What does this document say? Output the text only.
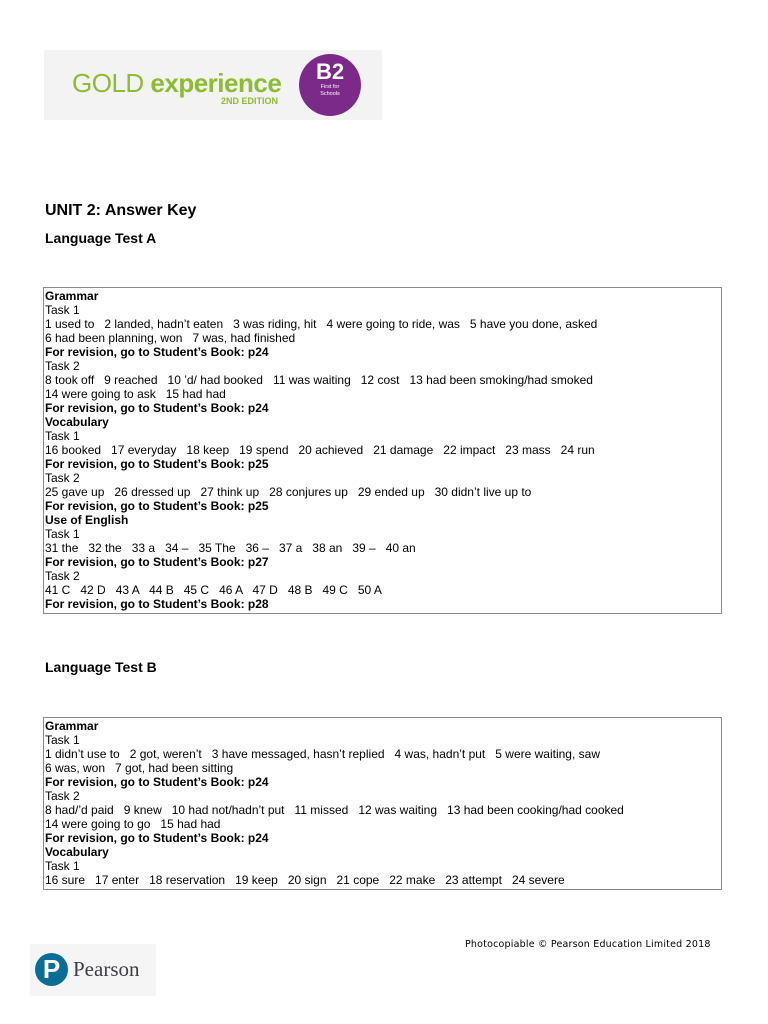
GOLD experience
2ND EDITION
B2
First for
Schools
UNIT 2: Answer Key
Language Test A

Grammar

Task 1

1 used to   2 landed, hadn’t eaten   3 was riding, hit   4 were going to ride, was   5 have you done, asked

6 had been planning, won   7 was, had finished

For revision, go to Student’s Book: p24

Task 2

8 took off   9 reached   10 ’d/ had booked   11 was waiting   12 cost   13 had been smoking/had smoked

14 were going to ask   15 had had

For revision, go to Student’s Book: p24

Vocabulary

Task 1

16 booked   17 everyday   18 keep   19 spend   20 achieved   21 damage   22 impact   23 mass   24 run

For revision, go to Student’s Book: p25

Task 2

25 gave up   26 dressed up   27 think up   28 conjures up   29 ended up   30 didn’t live up to

For revision, go to Student’s Book: p25

Use of English

Task 1

31 the   32 the   33 a   34 –   35 The   36 –   37 a   38 an   39 –   40 an

For revision, go to Student’s Book: p27

Task 2

41 C   42 D   43 A   44 B   45 C   46 A   47 D   48 B   49 C   50 A

For revision, go to Student’s Book: p28

Language Test B

Grammar

Task 1

1 didn’t use to   2 got, weren’t   3 have messaged, hasn’t replied   4 was, hadn’t put   5 were waiting, saw

6 was, won   7 got, had been sitting

For revision, go to Student’s Book: p24

Task 2

8 had/’d paid   9 knew   10 had not/hadn’t put   11 missed   12 was waiting   13 had been cooking/had cooked

14 were going to go   15 had had

For revision, go to Student’s Book: p24

Vocabulary

Task 1

16 sure   17 enter   18 reservation   19 keep   20 sign   21 cope   22 make   23 attempt   24 severe

Photocopiable © Pearson Education Limited 2018
P Pearson
